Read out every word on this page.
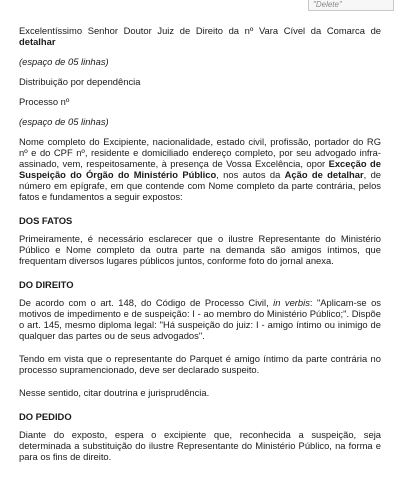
"Delete"

Excelentíssimo Senhor Doutor Juiz de Direito da nº Vara Cível da Comarca de detalhar

(espaço de 05 linhas)

Distribuição por dependência

Processo nº

(espaço de 05 linhas)

Nome completo do Excipiente, nacionalidade, estado civil, profissão, portador do RG nº e do CPF nº, residente e domiciliado endereço completo, por seu advogado infra-assinado, vem, respeitosamente, à presença de Vossa Excelência, opor Exceção de Suspeição do Órgão do Ministério Público, nos autos da Ação de detalhar, de número em epígrafe, em que contende com Nome completo da parte contrária, pelos fatos e fundamentos a seguir expostos:

DOS FATOS

Primeiramente, é necessário esclarecer que o ilustre Representante do Ministério Público e Nome completo da outra parte na demanda são amigos íntimos, que frequentam diversos lugares públicos juntos, conforme foto do jornal anexa.

DO DIREITO

De acordo com o art. 148, do Código de Processo Civil, in verbis: "Aplicam-se os motivos de impedimento e de suspeição: I - ao membro do Ministério Público;". Dispõe o art. 145, mesmo diploma legal: "Há suspeição do juiz: I - amigo íntimo ou inimigo de qualquer das partes ou de seus advogados".

Tendo em vista que o representante do Parquet é amigo íntimo da parte contrária no processo supramencionado, deve ser declarado suspeito.

Nesse sentido, citar doutrina e jurisprudência.

DO PEDIDO

Diante do exposto, espera o excipiente que, reconhecida a suspeição, seja determinada a substituição do ilustre Representante do Ministério Público, na forma e para os fins de direito.
